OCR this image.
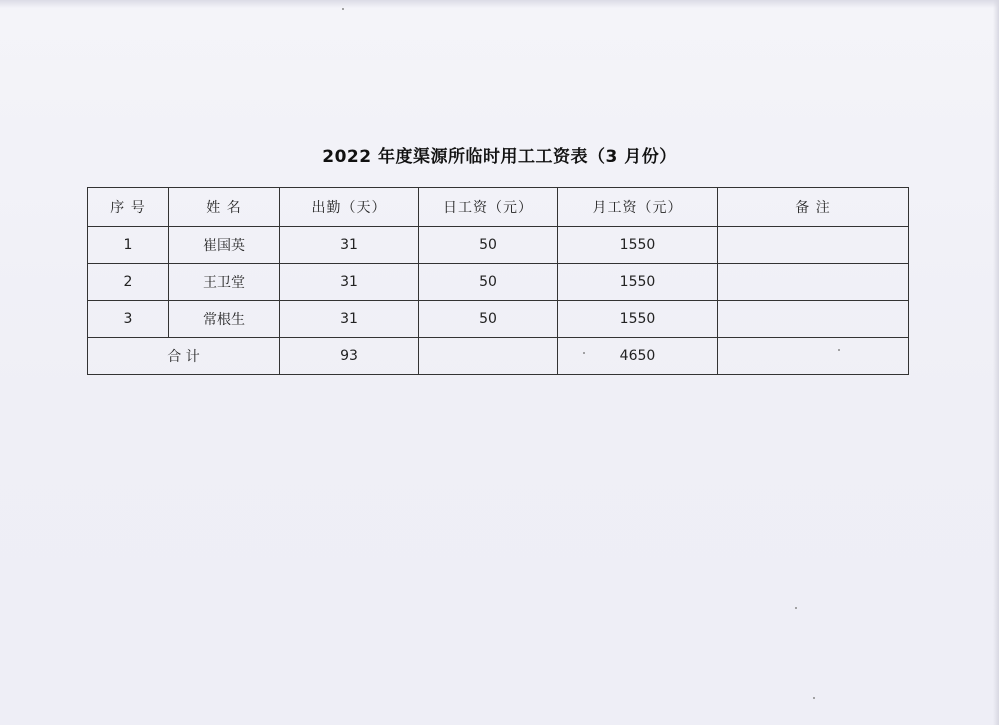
2022 年度渠源所临时用工工资表（3 月份）
序 号	姓 名	出勤（天）	日工资（元）	月工资（元）	备 注
1	崔国英	31	50	1550	
2	王卫堂	31	50	1550	
3	常根生	31	50	1550	
合 计		93		4650	
